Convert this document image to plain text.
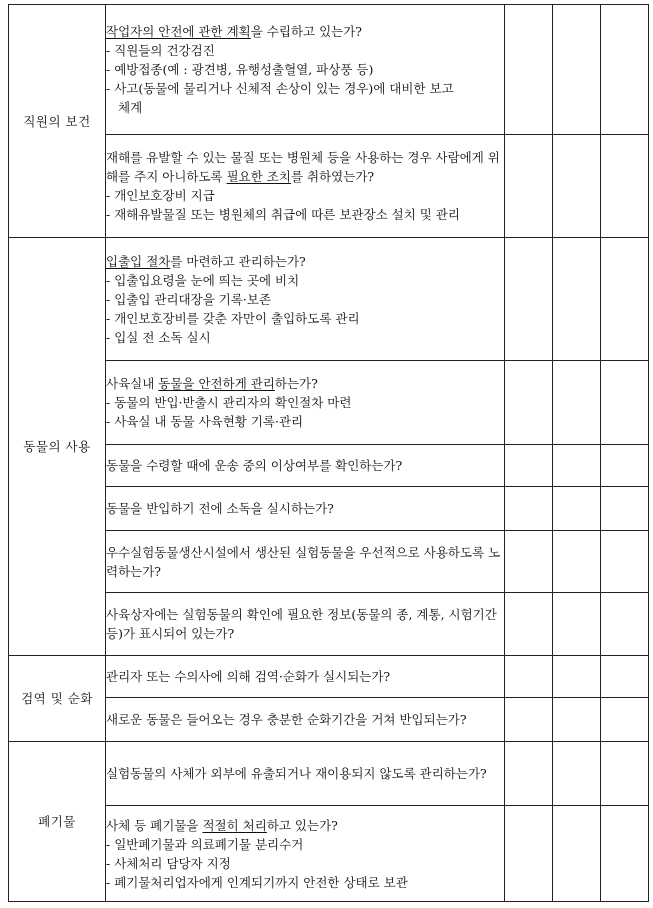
직원의 보건	작업자의 안전에 관한 계획을 수립하고 있는가?
- 직원들의 건강검진
- 예방접종(예 : 광견병, 유행성출혈열, 파상풍 등)
- 사고(동물에 물리거나 신체적 손상이 있는 경우)에 대비한 보고
체계			

	재해를 유발할 수 있는 물질 또는 병원체 등을 사용하는 경우 사람에게 위해를 주지 아니하도록 필요한 조치를 취하였는가?
- 개인보호장비 지급
- 재해유발물질 또는 병원체의 취급에 따른 보관장소 설치 및 관리			

동물의 사용	입출입 절차를 마련하고 관리하는가?
- 입출입요령을 눈에 띄는 곳에 비치
- 입출입 관리대장을 기록·보존
- 개인보호장비를 갖춘 자만이 출입하도록 관리
- 입실 전 소독 실시			

	사육실내 동물을 안전하게 관리하는가?
- 동물의 반입·반출시 관리자의 확인절차 마련
- 사육실 내 동물 사육현황 기록·관리			

	동물을 수령할 때에 운송 중의 이상여부를 확인하는가?			

	동물을 반입하기 전에 소독을 실시하는가?			

	우수실험동물생산시설에서 생산된 실험동물을 우선적으로 사용하도록 노력하는가?			

	사육상자에는 실험동물의 확인에 필요한 정보(동물의 종, 계통, 시험기간 등)가 표시되어 있는가?			

검역 및 순화	관리자 또는 수의사에 의해 검역·순화가 실시되는가?			

	새로운 동물은 들어오는 경우 충분한 순화기간을 거쳐 반입되는가?			

폐기물	실험동물의 사체가 외부에 유출되거나 재이용되지 않도록 관리하는가?			

	사체 등 폐기물을 적절히 처리하고 있는가?
- 일반폐기물과 의료폐기물 분리수거
- 사체처리 담당자 지정
- 폐기물처리업자에게 인계되기까지 안전한 상태로 보관			
